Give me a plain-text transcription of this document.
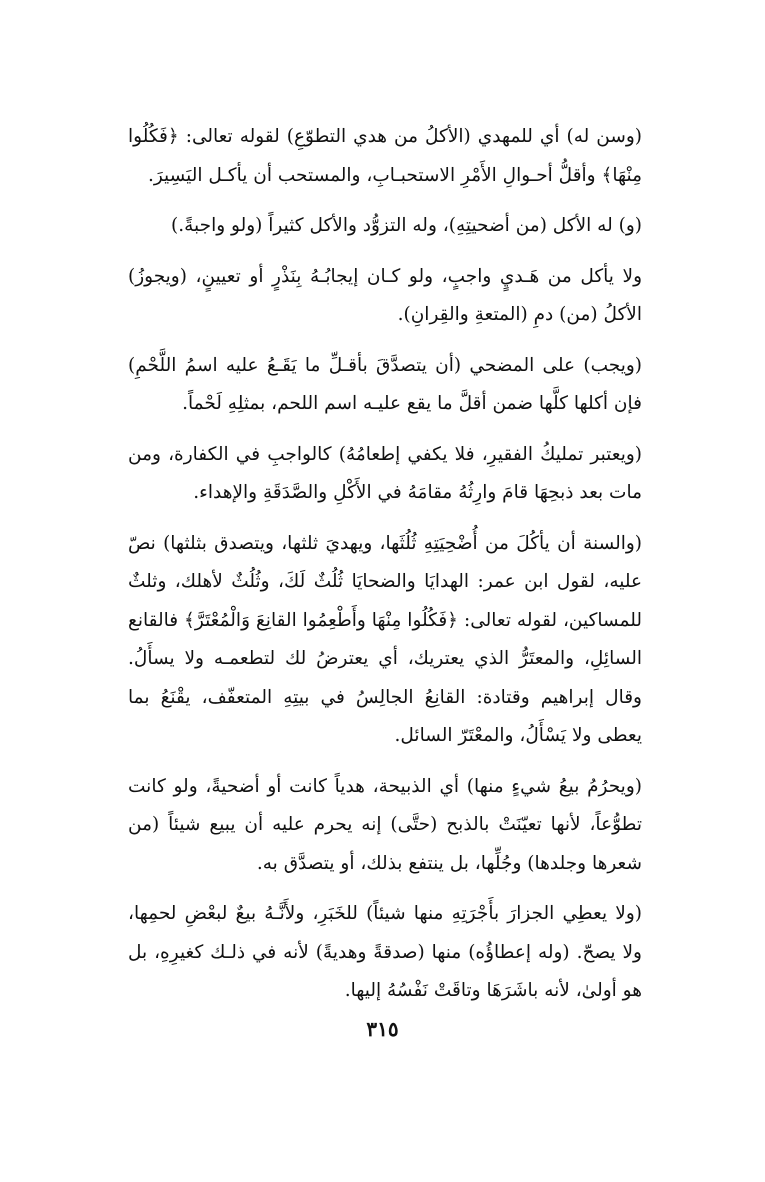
(وسن له) أي للمهدي (الأكلُ من هدي التطوّعِ) لقوله تعالى: ﴿فَكُلُوا مِنْهَا﴾ وأقلُّ أحـوالِ الأَمْرِ الاستحبـابِ، والمستحب أن يأكـل اليَسِيرَ.

(و) له الأكل (من أضحيتِهِ)، وله التزوُّد والأكل كثيراً (ولو واجبةً.)

ولا يأكل من هَـديٍ واجبٍ، ولو كـان إيجابُـهُ بِنَذْرٍ أو تعيينٍ، (ويجوزُ) الأكلُ (من) دمِ (المتعةِ والقِرانِ).

(ويجب) على المضحي (أن يتصدَّقَ بأقـلِّ ما يَقَـعُ عليه اسمُ اللَّحْمِ) فإن أكلها كلَّها ضمن أقلَّ ما يقع عليـه اسم اللحم، بمثلِهِ لَحْماً.

(ويعتبر تمليكُ الفقيرِ، فلا يكفي إطعامُهُ) كالواجبِ في الكفارة، ومن مات بعد ذبحِهَا قامَ وارِثُهُ مقامَهُ في الأَكْلِ والصَّدَقَةِ والإهداء.

(والسنة أن يأكُلَ من أُضْحِيَتِهِ ثُلُثَها، ويهديَ ثلثها، ويتصدق بثلثها) نصّ عليه، لقول ابن عمر: الهدايَا والضحايَا ثُلُثٌ لَكَ، وثُلُثٌ لأهلك، وثلثٌ للمساكين، لقوله تعالى: ﴿فَكُلُوا مِنْهَا وأَطْعِمُوا القانِعَ وَالْمُعْتَرَّ﴾ فالقانع السائِلِ، والمعتَرُّ الذي يعتريك، أي يعترضُ لك لتطعمـه ولا يسأَلُ. وقال إبراهيم وقتادة: القانِعُ الجالِسُ في بيتِهِ المتعفّف، يقْنَعُ بما يعطى ولا يَسْأَلُ، والمعْتَرّ السائل.

(ويحرُمُ بيعُ شيءٍ منها) أي الذبيحة، هدياً كانت أو أضحيةً، ولو كانت تطوُّعاً، لأنها تعيّنَتْ بالذبح (حتَّى) إنه يحرم عليه أن يبيع شيئاً (من شعرها وجلدها) وجُلِّها، بل ينتفع بذلك، أو يتصدَّق به.

(ولا يعطِي الجزارَ بأَجْرَتِهِ منها شيئاً) للخَبَرِ، ولأَنَّـهُ بيعٌ لبعْضِ لحمِها، ولا يصحّ. (وله إعطاؤُه) منها (صدقةً وهديةً) لأنه في ذلـك كغيرِهِ، بل هو أولىٰ، لأنه باشَرَهَا وتاقَتْ نَفْسُهُ إليها.

٣١٥
